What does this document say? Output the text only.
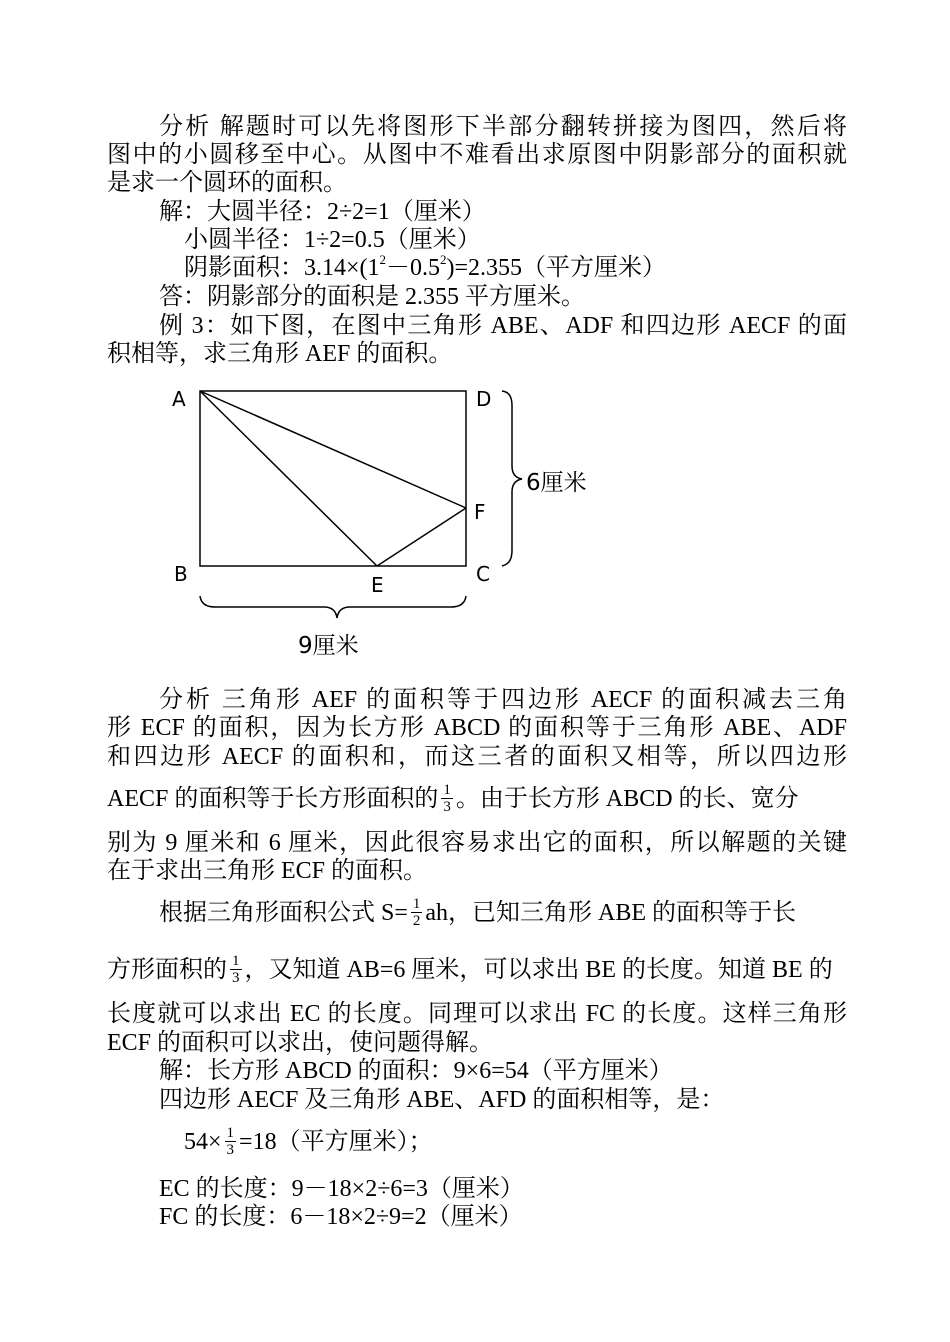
分析 解题时可以先将图形下半部分翻转拼接为图四，然后将
图中的小圆移至中心。从图中不难看出求原图中阴影部分的面积就
是求一个圆环的面积。
解：大圆半径：2÷2=1（厘米）
小圆半径：1÷2=0.5（厘米）
阴影面积：$3.14\times(1^2-0.5^2)=2.355$（平方厘米）
答：阴影部分的面积是 2.355 平方厘米。
例 3：如下图，在图中三角形 ABE、ADF 和四边形 AECF 的面
积相等，求三角形 AEF 的面积。
A	D
F
B	C
E
6厘米
9厘米
分析 三角形 AEF 的面积等于四边形 AECF 的面积减去三角
形 ECF 的面积，因为长方形 ABCD 的面积等于三角形 ABE、ADF
和四边形 AECF 的面积和，而这三者的面积又相等，所以四边形
AECF 的面积等于长方形面积的 $\frac{1}{3}$ 。由于长方形 ABCD 的长、宽分
别为 9 厘米和 6 厘米，因此很容易求出它的面积，所以解题的关键
在于求出三角形 ECF 的面积。
根据三角形面积公式 $S= \frac{1}{2}$ ah，已知三角形 ABE 的面积等于长
方形面积的 $\frac{1}{3}$ ，又知道 AB=6 厘米，可以求出 BE 的长度。知道 BE 的
长度就可以求出 EC 的长度。同理可以求出 FC 的长度。这样三角形
ECF 的面积可以求出，使问题得解。
解：长方形 ABCD 的面积：9×6=54（平方厘米）
四边形 AECF 及三角形 ABE、AFD 的面积相等，是：
$54\times \frac{1}{3} =18$（平方厘米）；
EC 的长度：9－18×2÷6=3（厘米）
FC 的长度：6－18×2÷9=2（厘米）
